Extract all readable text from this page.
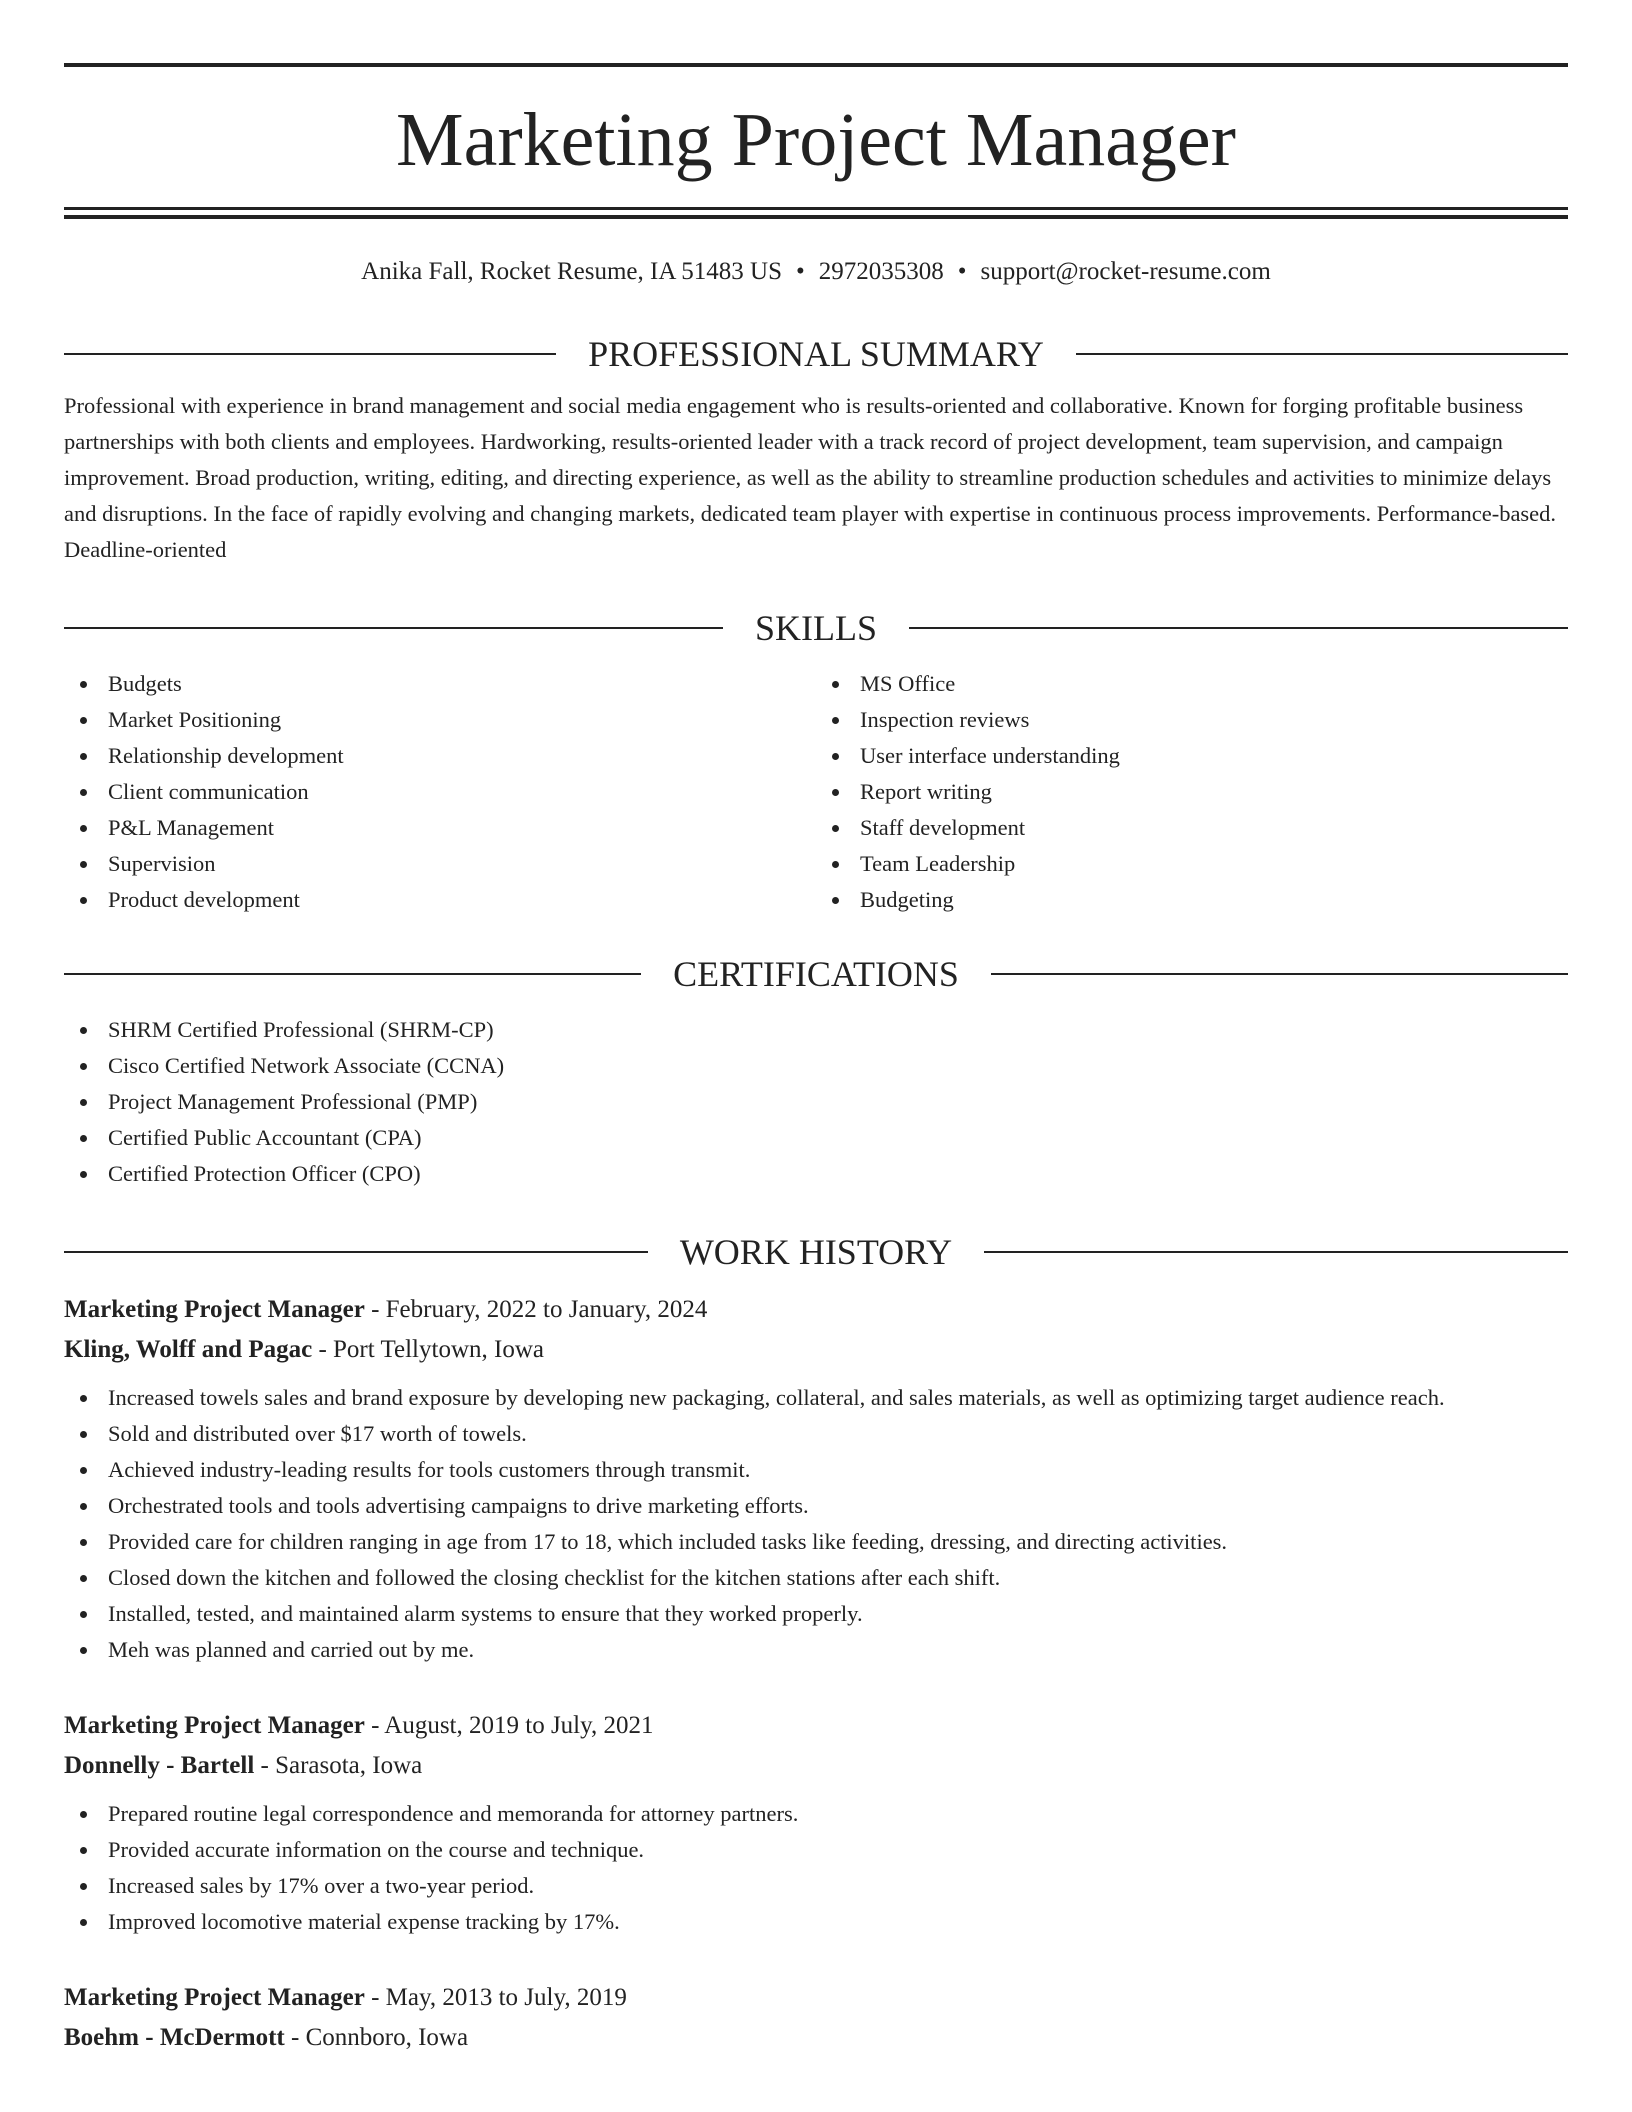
Marketing Project Manager
Anika Fall, Rocket Resume, IA 51483 US • 2972035308 • support@rocket-resume.com
PROFESSIONAL SUMMARY

Professional with experience in brand management and social media engagement who is results-oriented and collaborative. Known for forging profitable business partnerships with both clients and employees. Hardworking, results-oriented leader with a track record of project development, team supervision, and campaign improvement. Broad production, writing, editing, and directing experience, as well as the ability to streamline production schedules and activities to minimize delays and disruptions. In the face of rapidly evolving and changing markets, dedicated team player with expertise in continuous process improvements. Performance-based. Deadline-oriented

SKILLS
Budgets
Market Positioning
Relationship development
Client communication
P&L Management
Supervision
Product development
MS Office
Inspection reviews
User interface understanding
Report writing
Staff development
Team Leadership
Budgeting
CERTIFICATIONS
SHRM Certified Professional (SHRM-CP)
Cisco Certified Network Associate (CCNA)
Project Management Professional (PMP)
Certified Public Accountant (CPA)
Certified Protection Officer (CPO)
WORK HISTORY
Marketing Project Manager - February, 2022 to January, 2024
Kling, Wolff and Pagac - Port Tellytown, Iowa
Increased towels sales and brand exposure by developing new packaging, collateral, and sales materials, as well as optimizing target audience reach.
Sold and distributed over $17 worth of towels.
Achieved industry-leading results for tools customers through transmit.
Orchestrated tools and tools advertising campaigns to drive marketing efforts.
Provided care for children ranging in age from 17 to 18, which included tasks like feeding, dressing, and directing activities.
Closed down the kitchen and followed the closing checklist for the kitchen stations after each shift.
Installed, tested, and maintained alarm systems to ensure that they worked properly.
Meh was planned and carried out by me.
Marketing Project Manager - August, 2019 to July, 2021
Donnelly - Bartell - Sarasota, Iowa
Prepared routine legal correspondence and memoranda for attorney partners.
Provided accurate information on the course and technique.
Increased sales by 17% over a two-year period.
Improved locomotive material expense tracking by 17%.
Marketing Project Manager - May, 2013 to July, 2019
Boehm - McDermott - Connboro, Iowa
